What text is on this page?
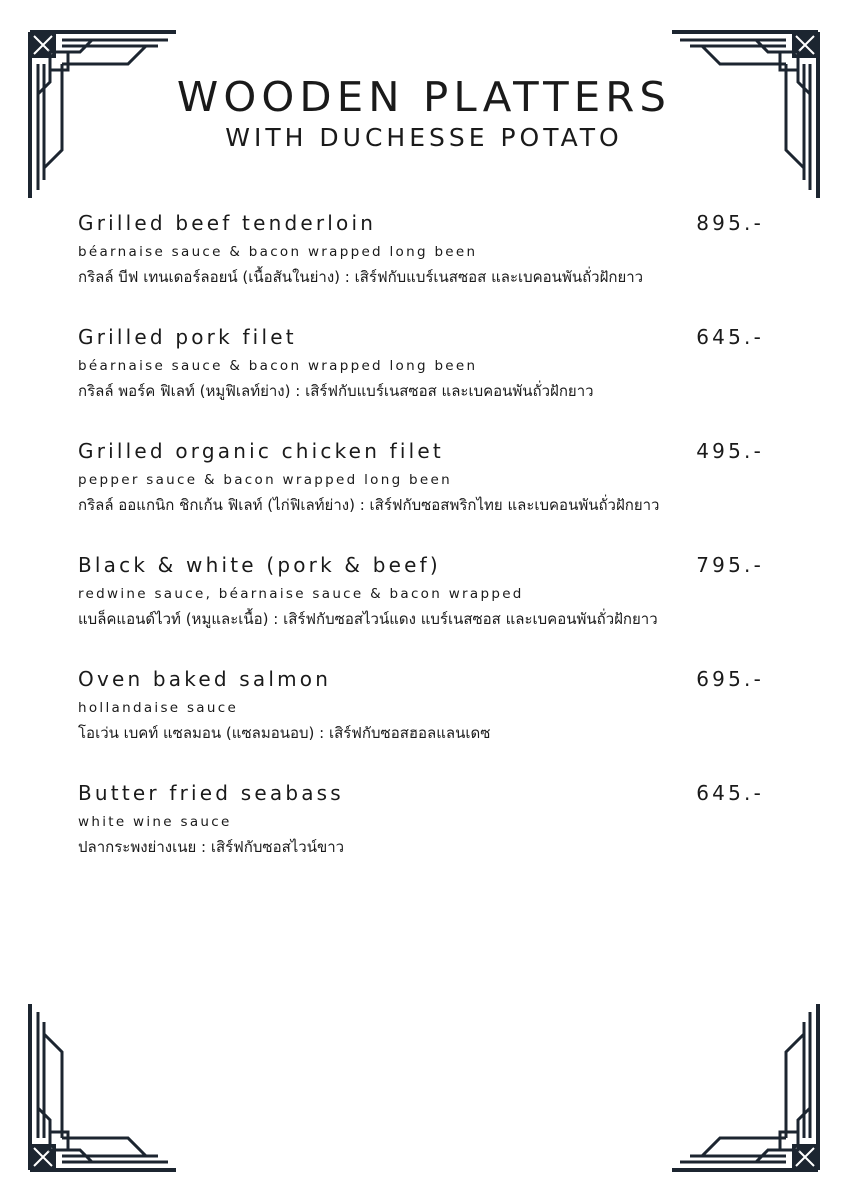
WOODEN PLATTERS
WITH DUCHESSE POTATO
Grilled beef tenderloin	895.-
béarnaise sauce & bacon wrapped long been
กริลล์ บีฟ เทนเดอร์ลอยน์ (เนื้อสันในย่าง) : เสิร์ฟกับแบร์เนสซอส และเบคอนพันถั่วฝักยาว
Grilled pork filet	645.-
béarnaise sauce & bacon wrapped long been
กริลล์ พอร์ค ฟิเลท์ (หมูฟิเลท์ย่าง) : เสิร์ฟกับแบร์เนสซอส และเบคอนพันถั่วฝักยาว
Grilled organic chicken filet	495.-
pepper sauce & bacon wrapped long been
กริลล์ ออแกนิก ชิกเก้น ฟิเลท์ (ไก่ฟิเลท์ย่าง) : เสิร์ฟกับซอสพริกไทย และเบคอนพันถั่วฝักยาว
Black & white (pork & beef)	795.-
redwine sauce, béarnaise sauce & bacon wrapped
แบล็คแอนด์ไวท์ (หมูและเนื้อ) : เสิร์ฟกับซอสไวน์แดง แบร์เนสซอส และเบคอนพันถั่วฝักยาว
Oven baked salmon	695.-
hollandaise sauce
โอเว่น เบคท์ แซลมอน (แซลมอนอบ) : เสิร์ฟกับซอสฮอลแลนเดซ
Butter fried seabass	645.-
white wine sauce
ปลากระพงย่างเนย : เสิร์ฟกับซอสไวน์ขาว
